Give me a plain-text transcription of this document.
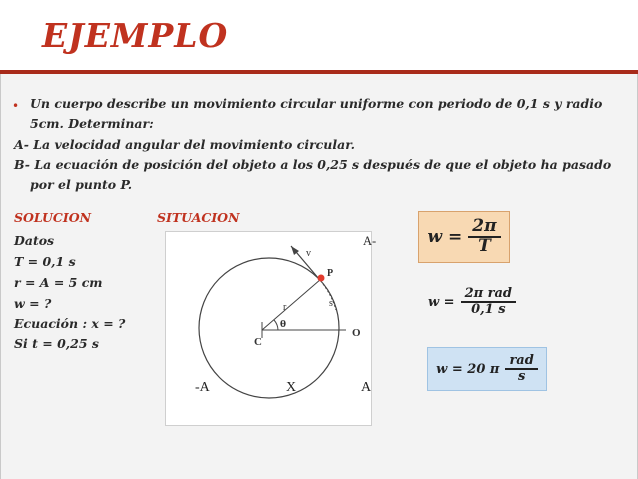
EJEMPLO
• Un cuerpo describe un movimiento circular uniforme con periodo de 0,1 s y radio
5cm. Determinar:
A- La velocidad angular del movimiento circular.
B- La ecuación de posición del objeto a los 0,25 s después de que el objeto ha pasado
por el punto P.
SOLUCION	SITUACION
Datos
T = 0,1 s
r = A = 5 cm
w = ?
Ecuación : x = ?
Si t = 0,25 s
v
P
r	s
θ
C
O
A-
-A	X	A
$w = \frac{2\pi}{T}$
$w = \frac{\text{2π rad}}{0,1 s}$
w = 20 π $\frac{\text{rad}}{s}$
